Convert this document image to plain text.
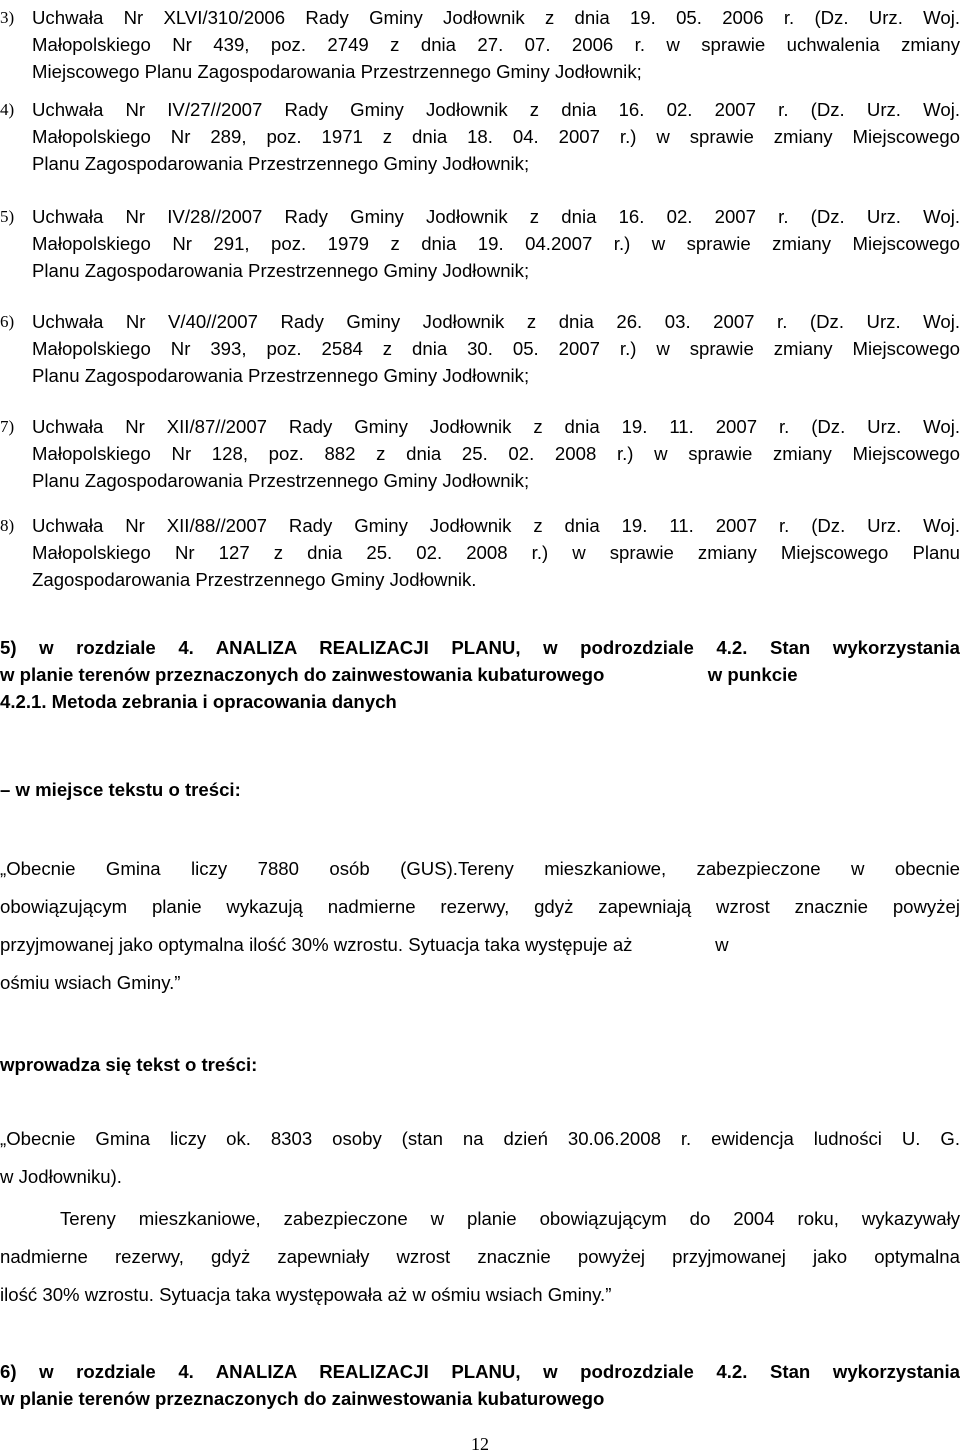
3) Uchwała Nr XLVI/310/2006 Rady Gminy Jodłownik z dnia 19. 05. 2006 r. (Dz. Urz. Woj.
Małopolskiego Nr 439, poz. 2749 z dnia 27. 07. 2006 r. w sprawie uchwalenia zmiany
Miejscowego Planu Zagospodarowania Przestrzennego Gminy Jodłownik;
4) Uchwała Nr IV/27//2007 Rady Gminy Jodłownik z dnia 16. 02. 2007 r. (Dz. Urz. Woj.
Małopolskiego Nr 289, poz. 1971 z dnia 18. 04. 2007 r.) w sprawie zmiany Miejscowego
Planu Zagospodarowania Przestrzennego Gminy Jodłownik;
5) Uchwała Nr IV/28//2007 Rady Gminy Jodłownik z dnia 16. 02. 2007 r. (Dz. Urz. Woj.
Małopolskiego Nr 291, poz. 1979 z dnia 19. 04.2007 r.) w sprawie zmiany Miejscowego
Planu Zagospodarowania Przestrzennego Gminy Jodłownik;
6) Uchwała Nr V/40//2007 Rady Gminy Jodłownik z dnia 26. 03. 2007 r. (Dz. Urz. Woj.
Małopolskiego Nr 393, poz. 2584 z dnia 30. 05. 2007 r.) w sprawie zmiany Miejscowego
Planu Zagospodarowania Przestrzennego Gminy Jodłownik;
7) Uchwała Nr XII/87//2007 Rady Gminy Jodłownik z dnia 19. 11. 2007 r. (Dz. Urz. Woj.
Małopolskiego Nr 128, poz. 882 z dnia 25. 02. 2008 r.) w sprawie zmiany Miejscowego
Planu Zagospodarowania Przestrzennego Gminy Jodłownik;
8) Uchwała Nr XII/88//2007 Rady Gminy Jodłownik z dnia 19. 11. 2007 r. (Dz. Urz. Woj.
Małopolskiego Nr 127 z dnia 25. 02. 2008 r.) w sprawie zmiany Miejscowego Planu
Zagospodarowania Przestrzennego Gminy Jodłownik.
5) w rozdziale 4. ANALIZA REALIZACJI PLANU, w podrozdziale 4.2. Stan wykorzystania
w planie terenów przeznaczonych do zainwestowania kubaturowego                    w punkcie
4.2.1. Metoda zebrania i opracowania danych
– w miejsce tekstu o treści:
„Obecnie Gmina liczy 7880 osób (GUS).Tereny mieszkaniowe, zabezpieczone w obecnie
obowiązującym planie wykazują nadmierne rezerwy, gdyż zapewniają wzrost znacznie powyżej
przyjmowanej jako optymalna ilość 30% wzrostu. Sytuacja taka występuje aż                w
ośmiu wsiach Gminy.”
wprowadza się tekst o treści:
„Obecnie Gmina liczy ok. 8303 osoby (stan na dzień 30.06.2008 r. ewidencja ludności U. G.
w Jodłowniku).
Tereny mieszkaniowe, zabezpieczone w planie obowiązującym do 2004 roku, wykazywały
nadmierne rezerwy, gdyż zapewniały wzrost znacznie powyżej przyjmowanej jako optymalna
ilość 30% wzrostu. Sytuacja taka występowała aż w ośmiu wsiach Gminy.”
6) w rozdziale 4. ANALIZA REALIZACJI PLANU, w podrozdziale 4.2. Stan wykorzystania
w planie terenów przeznaczonych do zainwestowania kubaturowego
12
